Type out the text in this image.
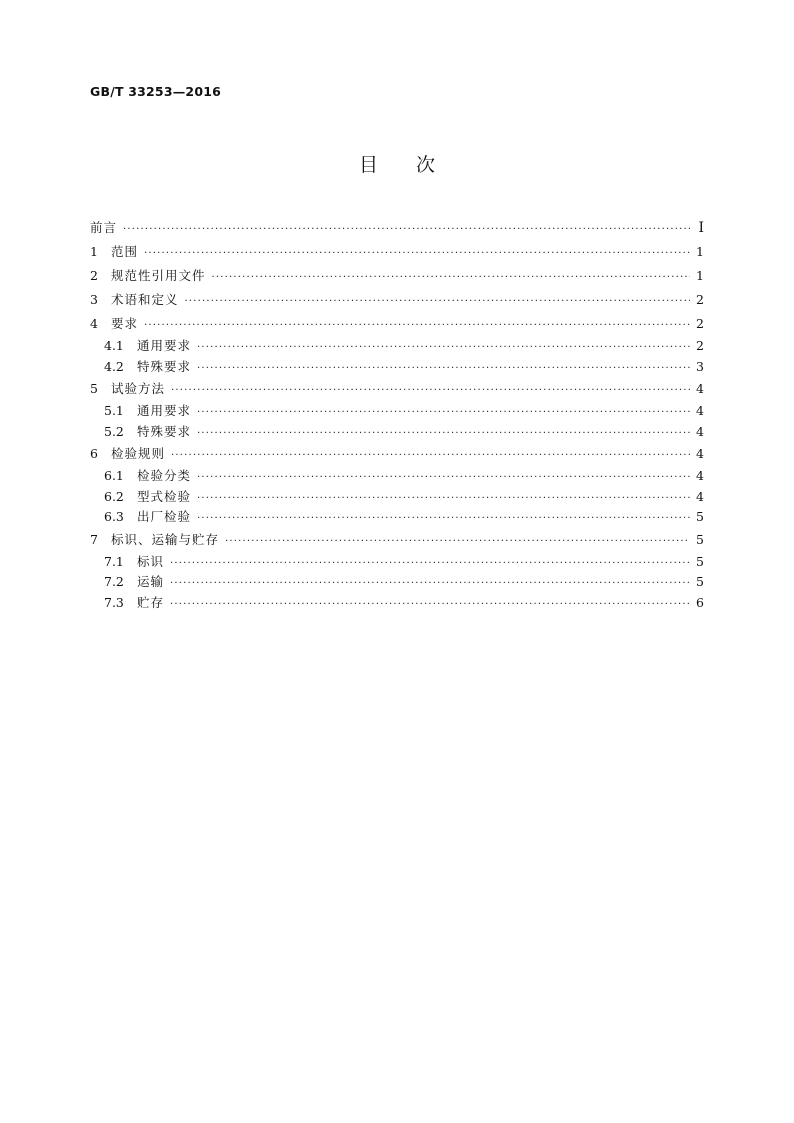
GB/T 33253—2016
目次
前言 ·····	Ⅰ
1	范围 ·····	1
2	规范性引用文件 ·····	1
3	术语和定义 ·····	2
4	要求 ·····	2
4.1	通用要求 ·····	2
4.2	特殊要求 ·····	3
5	试验方法 ·····	4
5.1	通用要求 ·····	4
5.2	特殊要求 ·····	4
6	检验规则 ·····	4
6.1	检验分类 ·····	4
6.2	型式检验 ·····	4
6.3	出厂检验 ·····	5
7	标识、运输与贮存 ·····	5
7.1	标识 ·····	5
7.2	运输 ·····	5
7.3	贮存 ·····	6
